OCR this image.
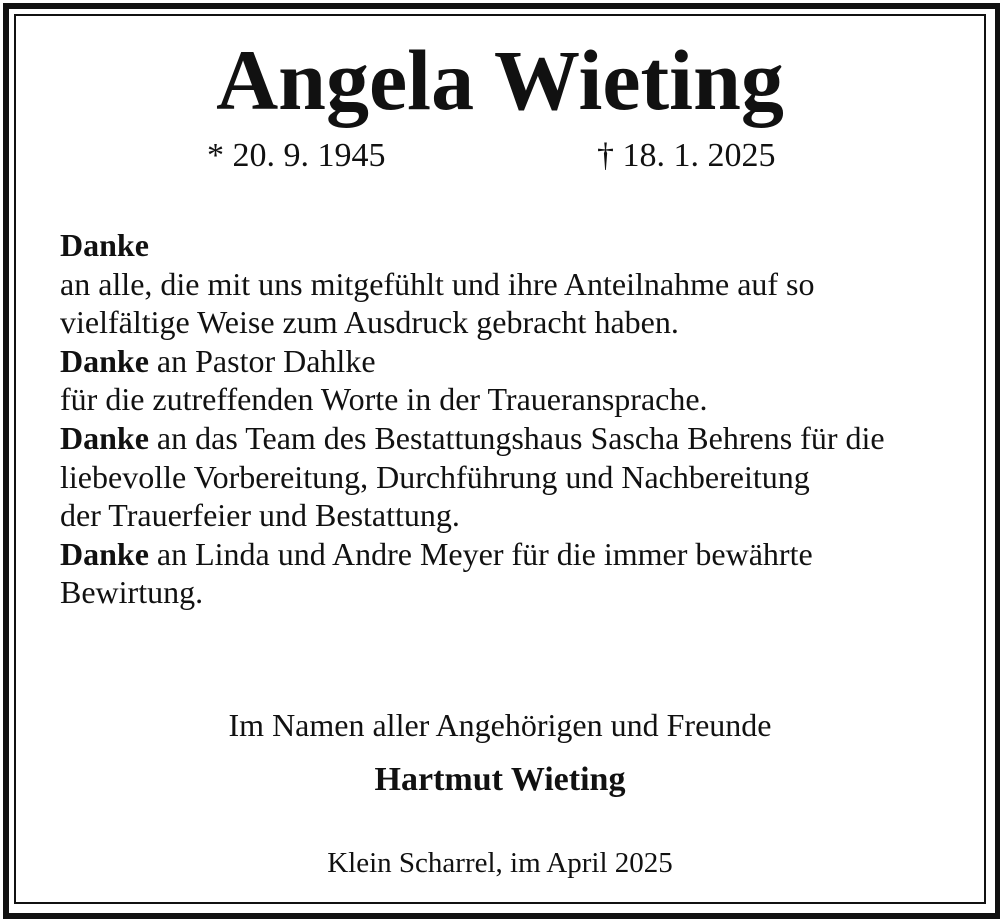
Angela Wieting
* 20. 9. 1945	† 18. 1. 2025
Danke
an alle, die mit uns mitgefühlt und ihre Anteilnahme auf so
vielfältige Weise zum Ausdruck gebracht haben.
Danke an Pastor Dahlke
für die zutreffenden Worte in der Traueransprache.
Danke an das Team des Bestattungshaus Sascha Behrens für die
liebevolle Vorbereitung, Durchführung und Nachbereitung
der Trauerfeier und Bestattung.
Danke an Linda und Andre Meyer für die immer bewährte
Bewirtung.
Im Namen aller Angehörigen und Freunde
Hartmut Wieting
Klein Scharrel, im April 2025
